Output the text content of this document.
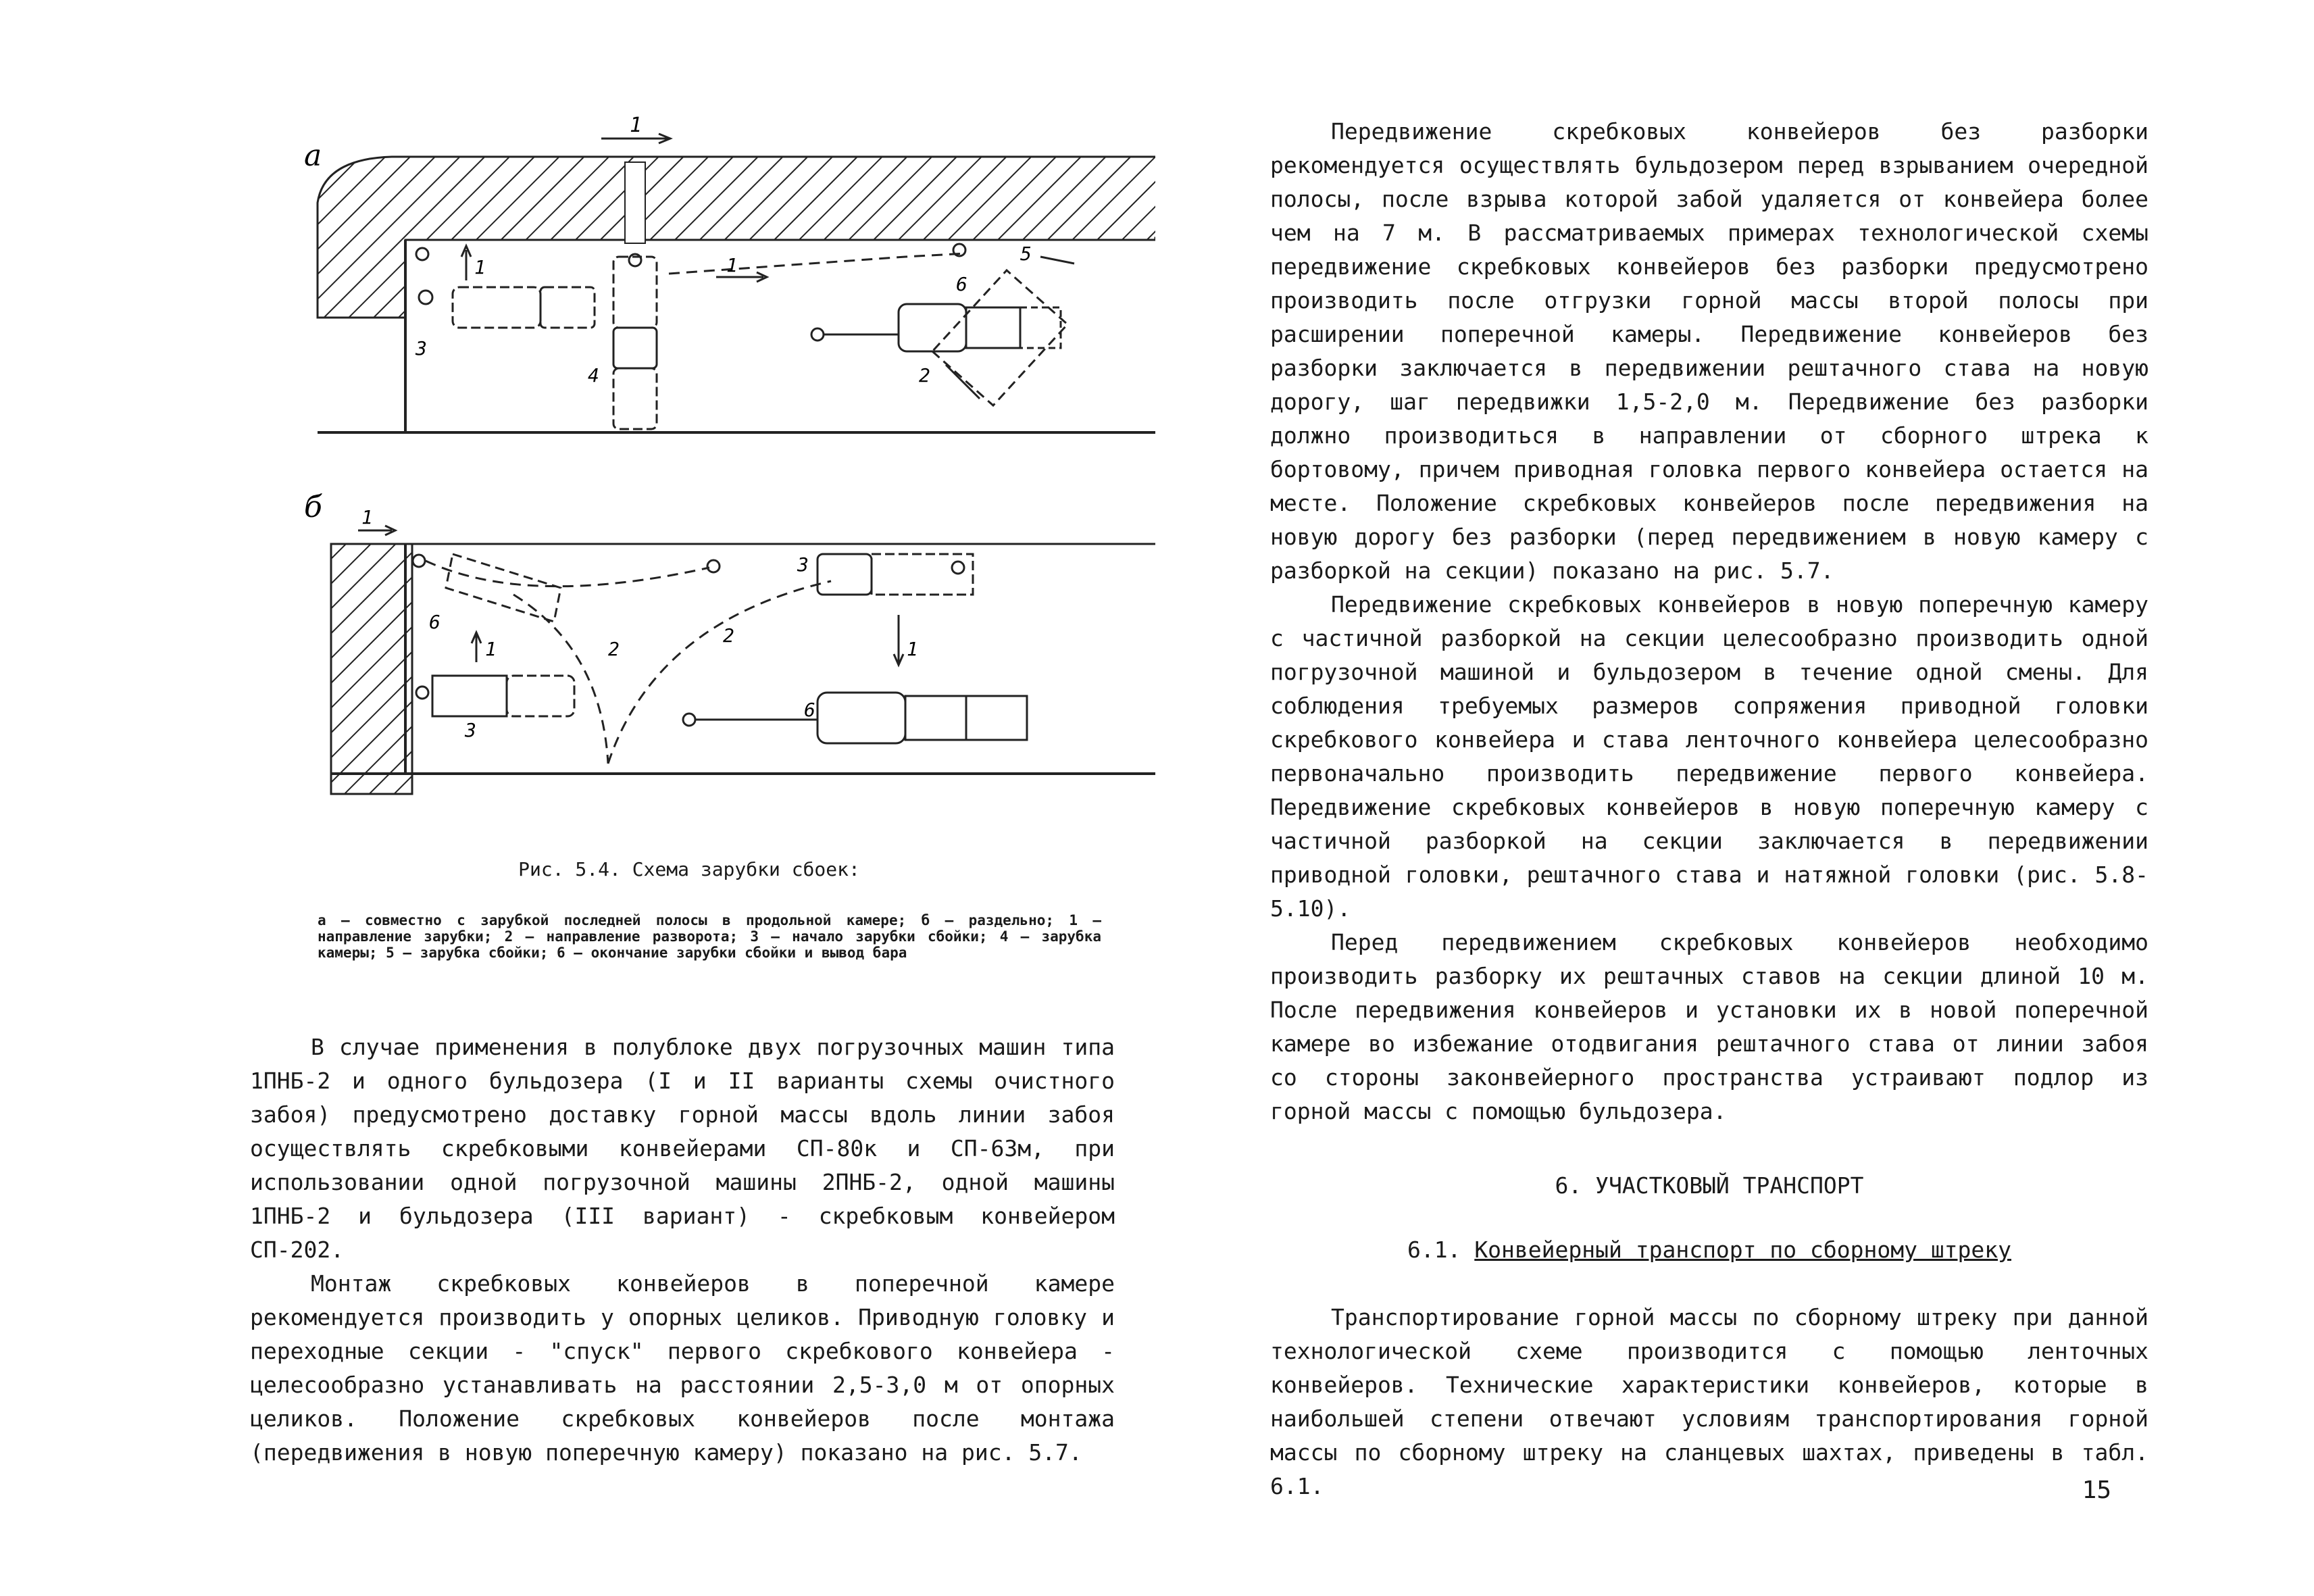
а
1
1
3
4
1
6
2
5
б 1
6
1
3
2
2
3
1
6
Рис. 5.4. Схема зарубки сбоек:
а – совместно с зарубкой последней полосы в продольной камере; б – раздельно; 1 – направление зарубки; 2 – направление разворота; 3 – начало зарубки сбойки; 4 – зарубка камеры; 5 – зарубка сбойки; 6 – окончание зарубки сбойки и вывод бара

В случае применения в полублоке двух погрузочных машин типа 1ПНБ-2 и одного бульдозера (I и II варианты схемы очистного забоя) предусмотрено доставку горной массы вдоль линии забоя осуществлять скребковыми конвейерами СП-80к и СП-63м, при использовании одной погрузочной машины 2ПНБ-2, одной машины 1ПНБ-2 и бульдозера (III вариант) - скребковым конвейером СП-202.

Монтаж скребковых конвейеров в поперечной камере рекомендуется производить у опорных целиков. Приводную головку и переходные секции - "спуск" первого скребкового конвейера - целесообразно устанавливать на расстоянии 2,5-3,0 м от опорных целиков. Положение скребковых конвейеров после монтажа (передвижения в новую поперечную камеру) показано на рис. 5.7.

Передвижение скребковых конвейеров без разборки рекомендуется осуществлять бульдозером перед взрыванием очередной полосы, после взрыва которой забой удаляется от конвейера более чем на 7 м. В рассматриваемых примерах технологической схемы передвижение скребковых конвейеров без разборки предусмотрено производить после отгрузки горной массы второй полосы при расширении поперечной камеры. Передвижение конвейеров без разборки заключается в передвижении рештачного става на новую дорогу, шаг передвижки 1,5-2,0 м. Передвижение без разборки должно производиться в направлении от сборного штрека к бортовому, причем приводная головка первого конвейера остается на месте. Положение скребковых конвейеров после передвижения на новую дорогу без разборки (перед передвижением в новую камеру с разборкой на секции) показано на рис. 5.7.

Передвижение скребковых конвейеров в новую поперечную камеру с частичной разборкой на секции целесообразно производить одной погрузочной машиной и бульдозером в течение одной смены. Для соблюдения требуемых размеров сопряжения приводной головки скребкового конвейера и става ленточного конвейера целесообразно первоначально производить передвижение первого конвейера. Передвижение скребковых конвейеров в новую поперечную камеру с частичной разборкой на секции заключается в передвижении приводной головки, рештачного става и натяжной головки (рис. 5.8-5.10).

Перед передвижением скребковых конвейеров необходимо производить разборку их рештачных ставов на секции длиной 10 м. После передвижения конвейеров и установки их в новой поперечной камере во избежание отодвигания рештачного става от линии забоя со стороны законвейерного пространства устраивают подлор из горной массы с помощью бульдозера.

6. УЧАСТКОВЫЙ ТРАНСПОРТ
6.1. Конвейерный транспорт по сборному штреку

Транспортирование горной массы по сборному штреку при данной технологической схеме производится с помощью ленточных конвейеров. Технические характеристики конвейеров, которые в наибольшей степени отвечают условиям транспортирования горной массы по сборному штреку на сланцевых шахтах, приведены в табл. 6.1.	15
